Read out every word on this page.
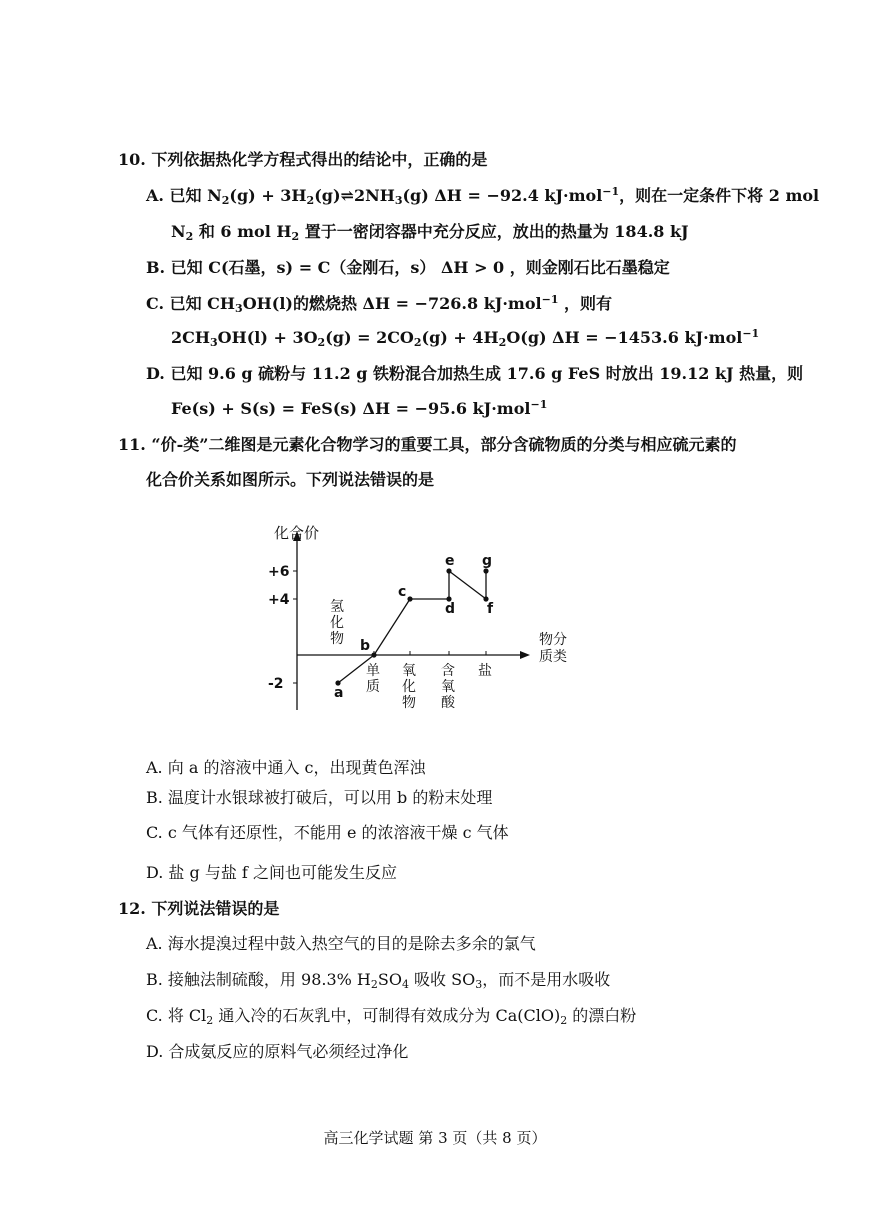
10. 下列依据热化学方程式得出的结论中，正确的是
A. 已知 $N_2(g)$ + $3H_2(g)\rightleftharpoons 2NH_3(g) \Delta H = -92.4$ kJ·mol$^{-1}$，则在一定条件下将 2 mol
$N_2$ 和 6 mol $H_2$ 置于一密闭容器中充分反应，放出的热量为 184.8 kJ
B. 已知 C(石墨，s) = C（金刚石，s） ΔH > 0 ，则金刚石比石墨稳定
C. 已知 $CH_3OH(l)$的燃烧热 ΔH = −726.8 kJ·mol$^{-1}$ ，则有
$2CH_3OH(l) + 3O_2(g) = 2CO_2(g) + 4H_2O(g) \Delta H = -1453.6$ kJ·mol$^{-1}$
D. 已知 9.6 g 硫粉与 11.2 g 铁粉混合加热生成 17.6 g FeS 时放出 19.12 kJ 热量，则
Fe(s) + S(s) = FeS(s) ΔH = −95.6 kJ·mol$^{-1}$
11. “价-类”二维图是元素化合物学习的重要工具，部分含硫物质的分类与相应硫元素的
化合价关系如图所示。下列说法错误的是
化合价
物
质
分
类
+6
+4
-2
氢
化
物
单
质
氧
化
物
含
氧
酸
盐
a
b
c
d
e
f
g
A. 向 a 的溶液中通入 c，出现黄色浑浊
B. 温度计水银球被打破后，可以用 b 的粉末处理
C. c 气体有还原性，不能用 e 的浓溶液干燥 c 气体
D. 盐 g 与盐 f 之间也可能发生反应
12. 下列说法错误的是
A. 海水提溴过程中鼓入热空气的目的是除去多余的氯气
B. 接触法制硫酸，用 98.3% $H_2SO_4$ 吸收 $SO_3$，而不是用水吸收
C. 将 $Cl_2$ 通入冷的石灰乳中，可制得有效成分为 $Ca(ClO)_2$ 的漂白粉
D. 合成氨反应的原料气必须经过净化
高三化学试题 第 3 页（共 8 页）
